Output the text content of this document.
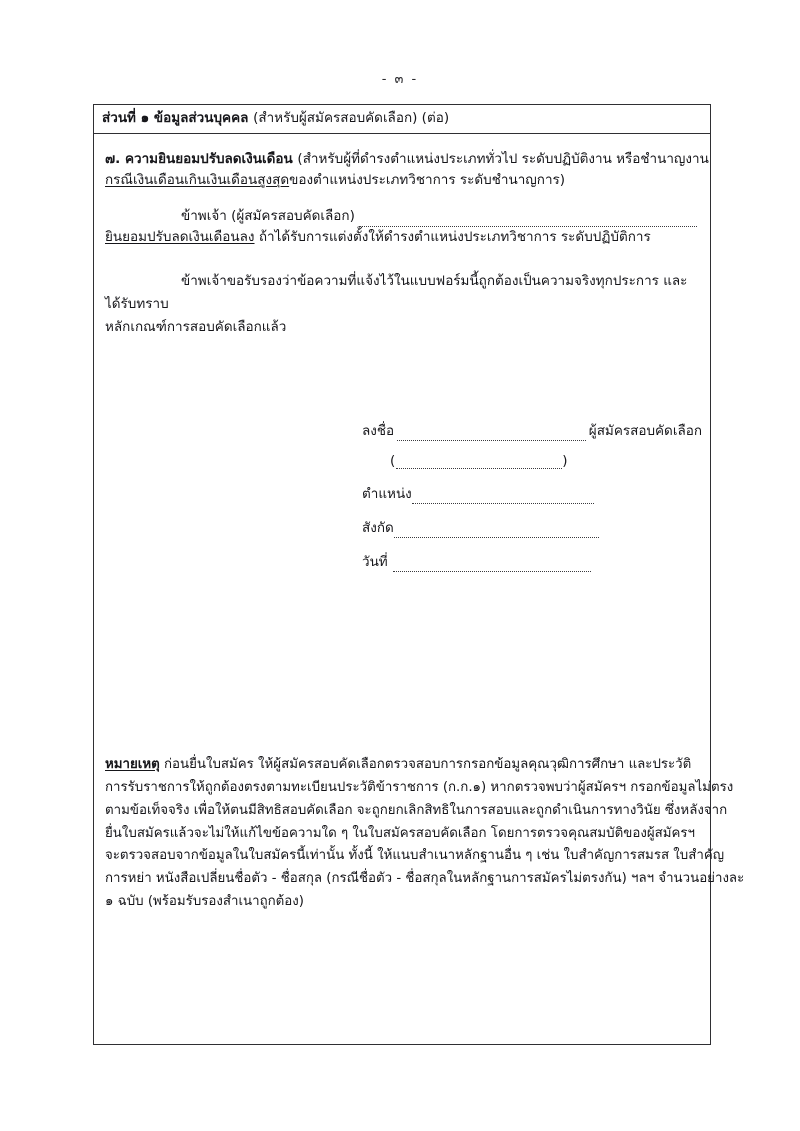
- ๓ -
ส่วนที่ ๑ ข้อมูลส่วนบุคคล (สำหรับผู้สมัครสอบคัดเลือก) (ต่อ)
๗. ความยินยอมปรับลดเงินเดือน (สำหรับผู้ที่ดำรงตำแหน่งประเภททั่วไป ระดับปฏิบัติงาน หรือชำนาญงาน
กรณีเงินเดือนเกินเงินเดือนสูงสุดของตำแหน่งประเภทวิชาการ ระดับชำนาญการ)
ข้าพเจ้า (ผู้สมัครสอบคัดเลือก)
ยินยอมปรับลดเงินเดือนลง ถ้าได้รับการแต่งตั้งให้ดำรงตำแหน่งประเภทวิชาการ ระดับปฏิบัติการ
ข้าพเจ้าขอรับรองว่าข้อความที่แจ้งไว้ในแบบฟอร์มนี้ถูกต้องเป็นความจริงทุกประการ และได้รับทราบ
หลักเกณฑ์การสอบคัดเลือกแล้ว
ลงชื่อ	ผู้สมัครสอบคัดเลือก
(	)
ตำแหน่ง
สังกัด
วันที่
หมายเหตุ ก่อนยื่นใบสมัคร ให้ผู้สมัครสอบคัดเลือกตรวจสอบการกรอกข้อมูลคุณวุฒิการศึกษา และประวัติ
การรับราชการให้ถูกต้องตรงตามทะเบียนประวัติข้าราชการ (ก.ก.๑) หากตรวจพบว่าผู้สมัครฯ กรอกข้อมูลไม่ตรง
ตามข้อเท็จจริง เพื่อให้ตนมีสิทธิสอบคัดเลือก จะถูกยกเลิกสิทธิในการสอบและถูกดำเนินการทางวินัย ซึ่งหลังจาก
ยื่นใบสมัครแล้วจะไม่ให้แก้ไขข้อความใด ๆ ในใบสมัครสอบคัดเลือก โดยการตรวจคุณสมบัติของผู้สมัครฯ
จะตรวจสอบจากข้อมูลในใบสมัครนี้เท่านั้น ทั้งนี้ ให้แนบสำเนาหลักฐานอื่น ๆ เช่น ใบสำคัญการสมรส ใบสำคัญ
การหย่า หนังสือเปลี่ยนชื่อตัว - ชื่อสกุล (กรณีชื่อตัว - ชื่อสกุลในหลักฐานการสมัครไม่ตรงกัน) ฯลฯ จำนวนอย่างละ
๑ ฉบับ (พร้อมรับรองสำเนาถูกต้อง)
